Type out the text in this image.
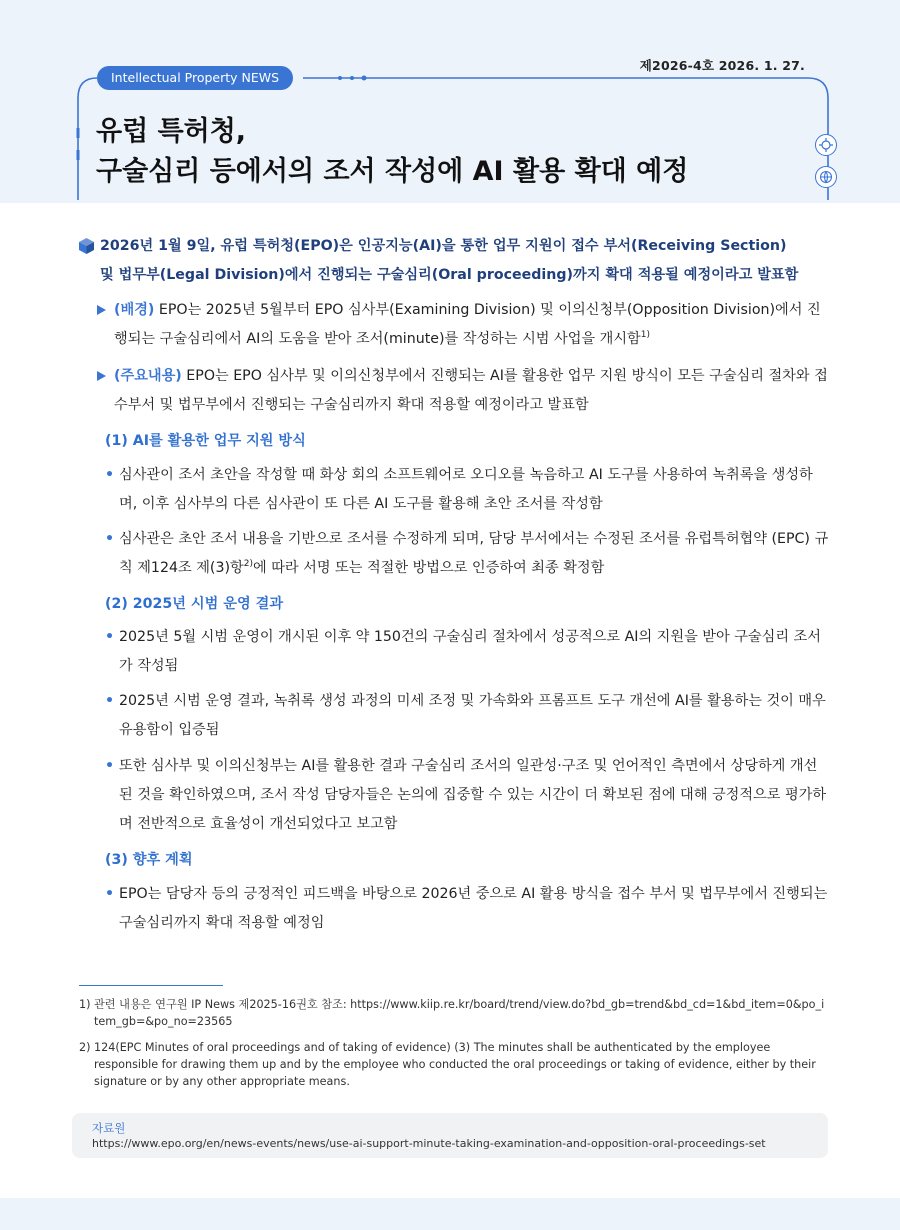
제2026-4호 2026. 1. 27.
Intellectual Property NEWS
유럽 특허청,
구술심리 등에서의 조서 작성에 AI 활용 확대 예정

2026년 1월 9일, 유럽 특허청(EPO)은 인공지능(AI)을 통한 업무 지원이 접수 부서(Receiving Section)
및 법무부(Legal Division)에서 진행되는 구술심리(Oral proceeding)까지 확대 적용될 예정이라고 발표함

(배경) EPO는 2025년 5월부터 EPO 심사부(Examining Division) 및 이의신청부(Opposition Division)에서 진행되는 구술심리에서 AI의 도움을 받아 조서(minute)를 작성하는 시범 사업을 개시함$^{1)}$

(주요내용) EPO는 EPO 심사부 및 이의신청부에서 진행되는 AI를 활용한 업무 지원 방식이 모든 구술심리 절차와 접수부서 및 법무부에서 진행되는 구술심리까지 확대 적용할 예정이라고 발표함

(1) AI를 활용한 업무 지원 방식

• 심사관이 조서 초안을 작성할 때 화상 회의 소프트웨어로 오디오를 녹음하고 AI 도구를 사용하여 녹취록을 생성하며, 이후 심사부의 다른 심사관이 또 다른 AI 도구를 활용해 초안 조서를 작성함

• 심사관은 초안 조서 내용을 기반으로 조서를 수정하게 되며, 담당 부서에서는 수정된 조서를 유럽특허협약 (EPC) 규칙 제124조 제(3)항$^{2)}$에 따라 서명 또는 적절한 방법으로 인증하여 최종 확정함

(2) 2025년 시범 운영 결과

• 2025년 5월 시범 운영이 개시된 이후 약 150건의 구술심리 절차에서 성공적으로 AI의 지원을 받아 구술심리 조서가 작성됨

• 2025년 시범 운영 결과, 녹취록 생성 과정의 미세 조정 및 가속화와 프롬프트 도구 개선에 AI를 활용하는 것이 매우 유용함이 입증됨

• 또한 심사부 및 이의신청부는 AI를 활용한 결과 구술심리 조서의 일관성·구조 및 언어적인 측면에서 상당하게 개선된 것을 확인하였으며, 조서 작성 담당자들은 논의에 집중할 수 있는 시간이 더 확보된 점에 대해 긍정적으로 평가하며 전반적으로 효율성이 개선되었다고 보고함

(3) 향후 계획

• EPO는 담당자 등의 긍정적인 피드백을 바탕으로 2026년 중으로 AI 활용 방식을 접수 부서 및 법무부에서 진행되는 구술심리까지 확대 적용할 예정임

1) 관련 내용은 연구원 IP News 제2025-16권호 참조: https://www.kiip.re.kr/board/trend/view.do?bd_gb=trend&bd_cd=1&bd_item=0&po_item_gb=&po_no=23565

2) 124(EPC Minutes of oral proceedings and of taking of evidence) (3) The minutes shall be authenticated by the employee responsible for drawing them up and by the employee who conducted the oral proceedings or taking of evidence, either by their signature or by any other appropriate means.

자료원
https://www.epo.org/en/news-events/news/use-ai-support-minute-taking-examination-and-opposition-oral-proceedings-set
